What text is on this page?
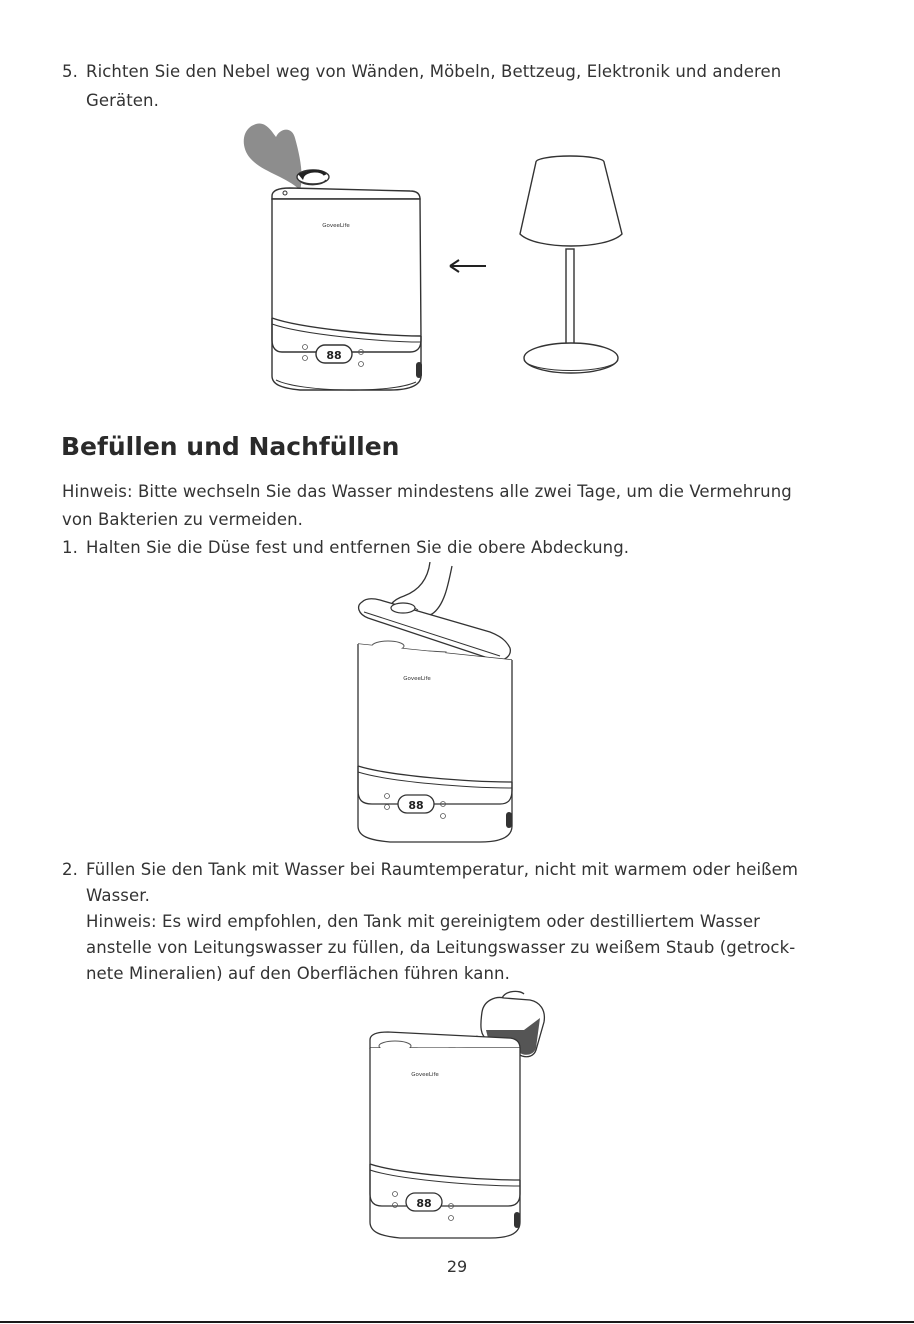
5. Richten Sie den Nebel weg von Wänden, Möbeln, Bettzeug, Elektronik und anderen
Geräten.
GoveeLife
88
Befüllen und Nachfüllen
Hinweis: Bitte wechseln Sie das Wasser mindestens alle zwei Tage, um die Vermehrung
von Bakterien zu vermeiden.
1. Halten Sie die Düse fest und entfernen Sie die obere Abdeckung.
GoveeLife
88
2. Füllen Sie den Tank mit Wasser bei Raumtemperatur, nicht mit warmem oder heißem
Wasser.
Hinweis: Es wird empfohlen, den Tank mit gereinigtem oder destilliertem Wasser
anstelle von Leitungswasser zu füllen, da Leitungswasser zu weißem Staub (getrock-
nete Mineralien) auf den Oberflächen führen kann.
GoveeLife
88
29
